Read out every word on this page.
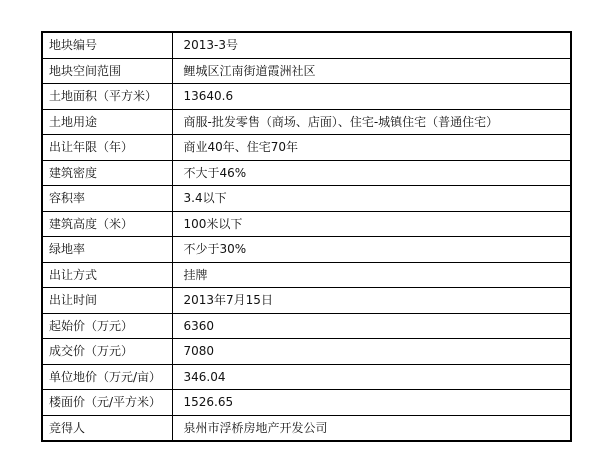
地块编号	2013-3号
地块空间范围	鲤城区江南街道霞洲社区
土地面积（平方米）	13640.6
土地用途	商服-批发零售（商场、店面）、住宅-城镇住宅（普通住宅）
出让年限（年）	商业40年、住宅70年
建筑密度	不大于46%
容积率	3.4以下
建筑高度（米）	100米以下
绿地率	不少于30%
出让方式	挂牌
出让时间	2013年7月15日
起始价（万元）	6360
成交价（万元）	7080
单位地价（万元/亩）	346.04
楼面价（元/平方米）	1526.65
竞得人	泉州市浮桥房地产开发公司
